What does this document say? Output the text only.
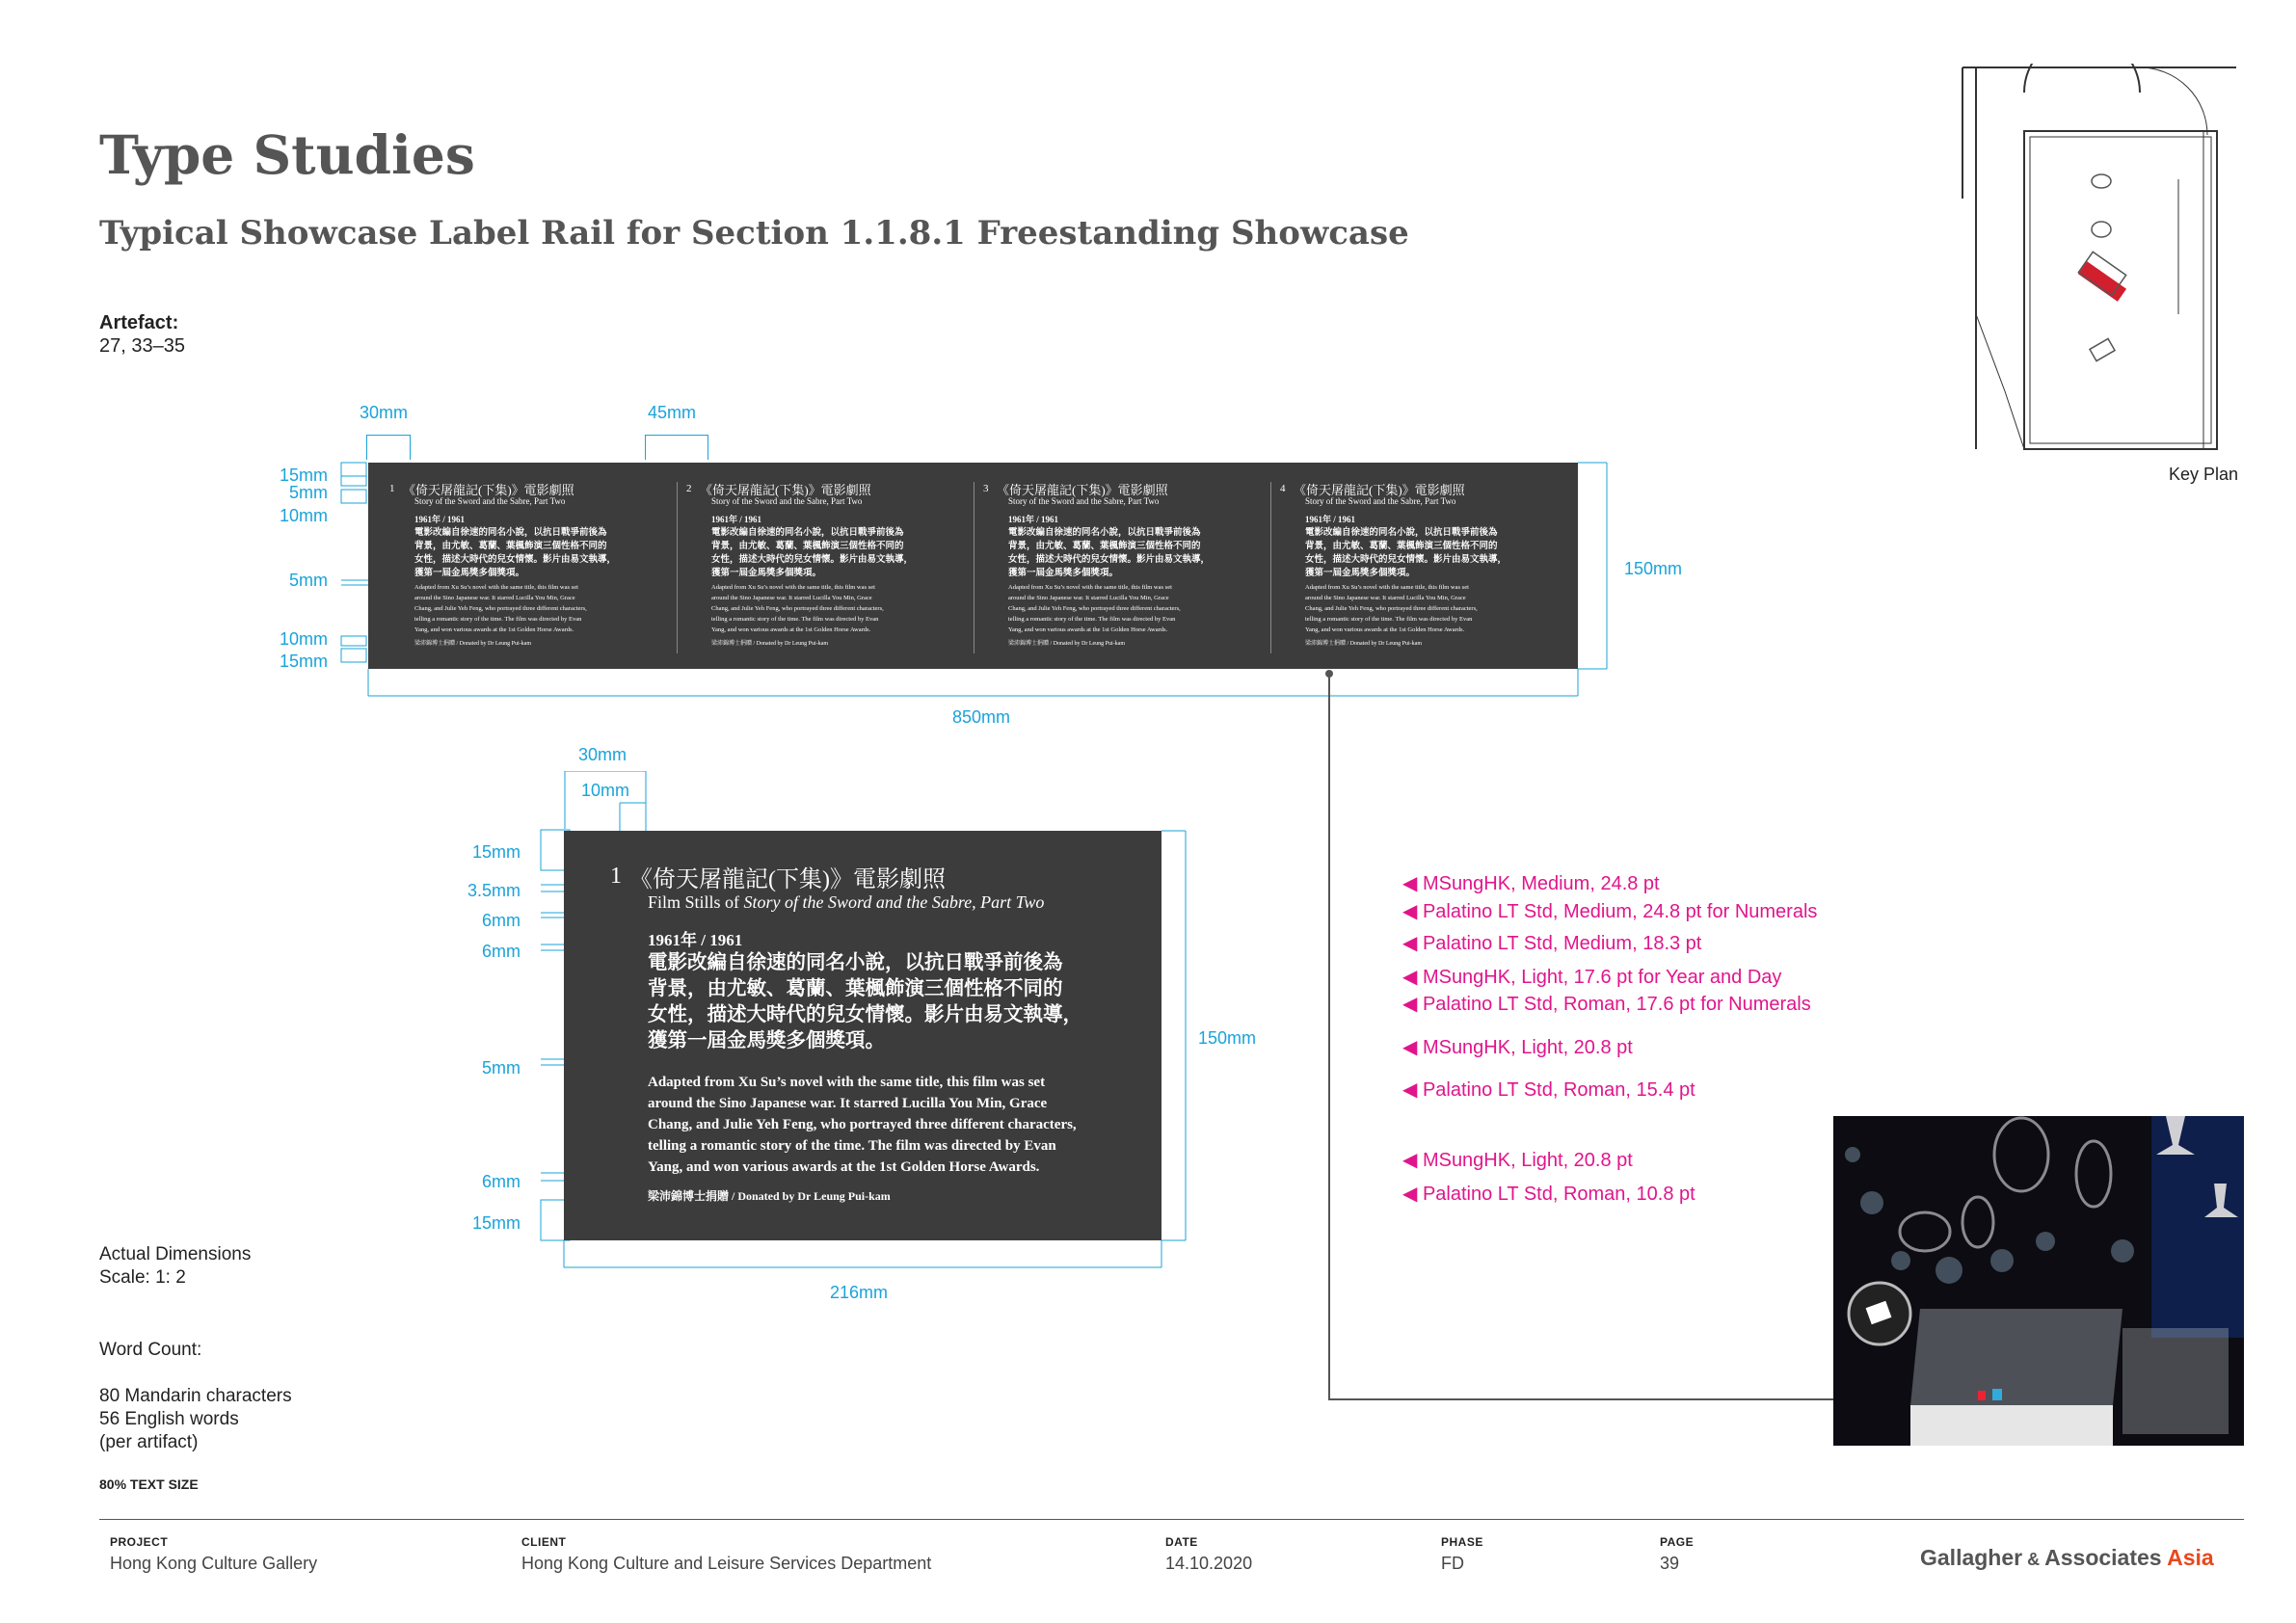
Type Studies
Typical Showcase Label Rail for Section 1.1.8.1 Freestanding Showcase
Artefact:
27, 33–35
30mm	45mm
15mm
5mm
10mm
5mm
10mm
15mm
1 《倚天屠龍記(下集)》電影劇照
Story of the Sword and the Sabre, Part Two
1961年 / 1961
電影改編自徐速的同名小說，以抗日戰爭前後為
背景，由尤敏、葛蘭、葉楓飾演三個性格不同的
女性，描述大時代的兒女情懷。影片由易文執導，
獲第一屆金馬獎多個獎項。
Adapted from Xu Su’s novel with the same title, this film was set
around the Sino Japanese war. It starred Lucilla You Min, Grace
Chang, and Julie Yeh Feng, who portrayed three different characters,
telling a romantic story of the time. The film was directed by Evan
Yang, and won various awards at the 1st Golden Horse Awards.
梁沛錦博士捐贈 / Donated by Dr Leung Pui-kam
2 《倚天屠龍記(下集)》電影劇照
Story of the Sword and the Sabre, Part Two
1961年 / 1961
電影改編自徐速的同名小說，以抗日戰爭前後為
背景，由尤敏、葛蘭、葉楓飾演三個性格不同的
女性，描述大時代的兒女情懷。影片由易文執導，
獲第一屆金馬獎多個獎項。
Adapted from Xu Su’s novel with the same title, this film was set
around the Sino Japanese war. It starred Lucilla You Min, Grace
Chang, and Julie Yeh Feng, who portrayed three different characters,
telling a romantic story of the time. The film was directed by Evan
Yang, and won various awards at the 1st Golden Horse Awards.
梁沛錦博士捐贈 / Donated by Dr Leung Pui-kam
3 《倚天屠龍記(下集)》電影劇照
Story of the Sword and the Sabre, Part Two
1961年 / 1961
電影改編自徐速的同名小說，以抗日戰爭前後為
背景，由尤敏、葛蘭、葉楓飾演三個性格不同的
女性，描述大時代的兒女情懷。影片由易文執導，
獲第一屆金馬獎多個獎項。
Adapted from Xu Su’s novel with the same title, this film was set
around the Sino Japanese war. It starred Lucilla You Min, Grace
Chang, and Julie Yeh Feng, who portrayed three different characters,
telling a romantic story of the time. The film was directed by Evan
Yang, and won various awards at the 1st Golden Horse Awards.
梁沛錦博士捐贈 / Donated by Dr Leung Pui-kam
4 《倚天屠龍記(下集)》電影劇照
Story of the Sword and the Sabre, Part Two
1961年 / 1961
電影改編自徐速的同名小說，以抗日戰爭前後為
背景，由尤敏、葛蘭、葉楓飾演三個性格不同的
女性，描述大時代的兒女情懷。影片由易文執導，
獲第一屆金馬獎多個獎項。
Adapted from Xu Su’s novel with the same title, this film was set
around the Sino Japanese war. It starred Lucilla You Min, Grace
Chang, and Julie Yeh Feng, who portrayed three different characters,
telling a romantic story of the time. The film was directed by Evan
Yang, and won various awards at the 1st Golden Horse Awards.
梁沛錦博士捐贈 / Donated by Dr Leung Pui-kam
150mm
850mm
30mm
10mm
15mm
3.5mm
6mm
6mm
5mm
6mm
15mm
1 《倚天屠龍記(下集)》電影劇照
Film Stills of Story of the Sword and the Sabre, Part Two
1961年 / 1961
電影改編自徐速的同名小說，以抗日戰爭前後為
背景，由尤敏、葛蘭、葉楓飾演三個性格不同的
女性，描述大時代的兒女情懷。影片由易文執導，
獲第一屆金馬獎多個獎項。
Adapted from Xu Su’s novel with the same title, this film was set
around the Sino Japanese war. It starred Lucilla You Min, Grace
Chang, and Julie Yeh Feng, who portrayed three different characters,
telling a romantic story of the time. The film was directed by Evan
Yang, and won various awards at the 1st Golden Horse Awards.
梁沛錦博士捐贈 / Donated by Dr Leung Pui-kam
150mm
216mm
◀ MSungHK, Medium, 24.8 pt
◀ Palatino LT Std, Medium, 24.8 pt for Numerals
◀ Palatino LT Std, Medium, 18.3 pt
◀ MSungHK, Light, 17.6 pt for Year and Day
◀ Palatino LT Std, Roman, 17.6 pt for Numerals
◀ MSungHK, Light, 20.8 pt
◀ Palatino LT Std, Roman, 15.4 pt
◀ MSungHK, Light, 20.8 pt
◀ Palatino LT Std, Roman, 10.8 pt
Key Plan
Actual Dimensions
Scale: 1: 2
Word Count:
80 Mandarin characters
56 English words
(per artifact)
80% TEXT SIZE
PROJECT
Hong Kong Culture Gallery
CLIENT
Hong Kong Culture and Leisure Services Department
DATE
14.10.2020
PHASE
FD
PAGE
39	Gallagher & Associates Asia
